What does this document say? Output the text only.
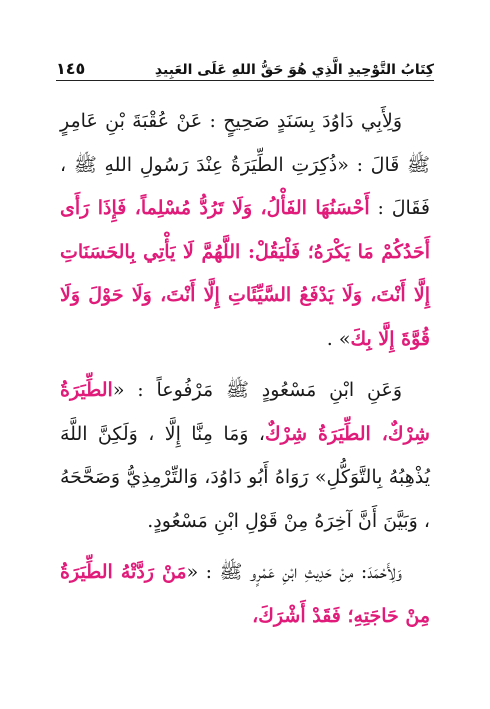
كِتَابُ التَّوْحِيدِ الَّذِي هُوَ حَقُّ اللهِ عَلَى العَبِيدِ
١٤٥

وَلِأَبِي دَاوُدَ بِسَنَدٍ صَحِيحٍ : عَنْ عُقْبَةَ بْنِ عَامِرٍ ﷺ قَالَ : «ذُكِرَتِ الطِّيَرَةُ عِنْدَ رَسُولِ اللهِ ﷺ ، فَقَالَ : أَحْسَنُهَا الفَأْلُ، وَلَا تَرُدُّ مُسْلِماً، فَإِذَا رَأَى أَحَدُكُمْ مَا يَكْرَهُ؛ فَلْيَقُلْ: اللَّهُمَّ لَا يَأْتِي بِالحَسَنَاتِ إِلَّا أَنْتَ، وَلَا يَدْفَعُ السَّيِّئَاتِ إِلَّا أَنْتَ، وَلَا حَوْلَ وَلَا قُوَّةَ إِلَّا بِكَ» .

وَعَنِ ابْنِ مَسْعُودٍ ﷺ مَرْفُوعاً : «الطِّيَرَةُ شِرْكٌ، الطِّيَرَةُ شِرْكٌ، وَمَا مِنَّا إِلَّا ، وَلَكِنَّ اللَّهَ يُذْهِبُهُ بِالتَّوَكُّلِ» رَوَاهُ أَبُو دَاوُدَ، وَالتِّرْمِذِيُّ وَصَحَّحَهُ ، وَبَيَّنَ أَنَّ آخِرَهُ مِنْ قَوْلِ ابْنِ مَسْعُودٍ.

وَلِأَحْمَدَ: مِنْ حَدِيثِ ابْنِ عَمْرٍو ﷺ : «مَنْ رَدَّتْهُ الطِّيَرَةُ مِنْ حَاجَتِهِ؛ فَقَدْ أَشْرَكَ،
